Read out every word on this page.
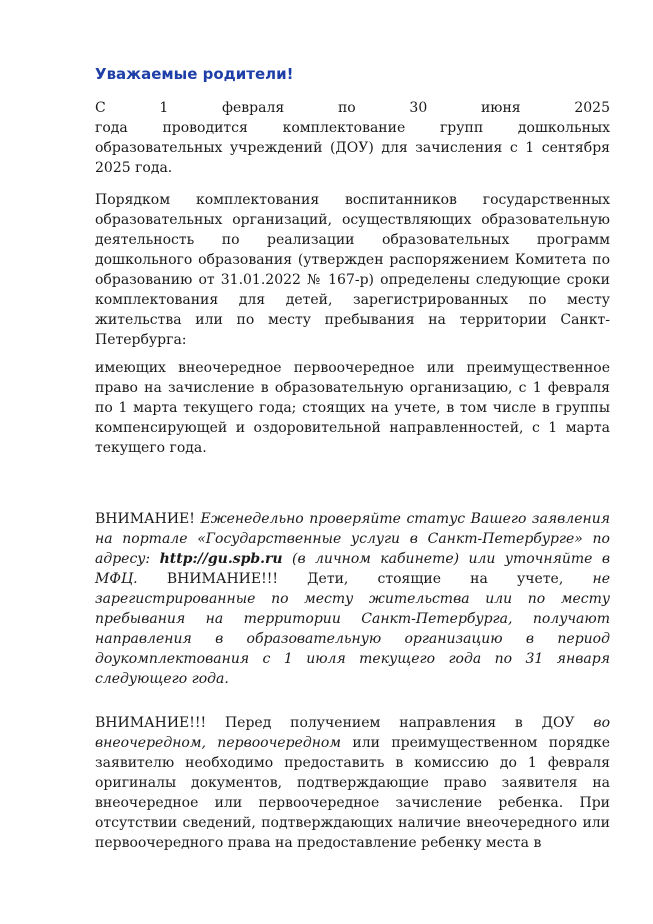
Уважаемые родители!
С 1 февраля по 30 июня 2025
года проводится комплектование групп дошкольных образовательных учреждений (ДОУ) для зачисления с 1 сентября 2025 года.
Порядком комплектования воспитанников государственных образовательных организаций, осуществляющих образовательную деятельность по реализации образовательных программ дошкольного образования (утвержден распоряжением Комитета по образованию от 31.01.2022 № 167-р) определены следующие сроки комплектования для детей, зарегистрированных по месту жительства или по месту пребывания на территории Санкт-Петербурга:
имеющих внеочередное первоочередное или преимущественное право на зачисление в образовательную организацию, с 1 февраля по 1 марта текущего года; стоящих на учете, в том числе в группы компенсирующей и оздоровительной направленностей, с 1 марта текущего года.
ВНИМАНИЕ! Еженедельно проверяйте статус Вашего заявления на портале «Государственные услуги в Санкт-Петербурге» по адресу: http://gu.spb.ru (в личном кабинете) или уточняйте в МФЦ. ВНИМАНИЕ!!! Дети, стоящие на учете, не зарегистрированные по месту жительства или по месту пребывания на территории Санкт-Петербурга, получают направления в образовательную организацию в период доукомплектования с 1 июля текущего года по 31 января следующего года.
ВНИМАНИЕ!!! Перед получением направления в ДОУ во внеочередном, первоочередном или преимущественном порядке заявителю необходимо предоставить в комиссию до 1 февраля оригиналы документов, подтверждающие право заявителя на внеочередное или первоочередное зачисление ребенка. При отсутствии сведений, подтверждающих наличие внеочередного или первоочередного права на предоставление ребенку места в
